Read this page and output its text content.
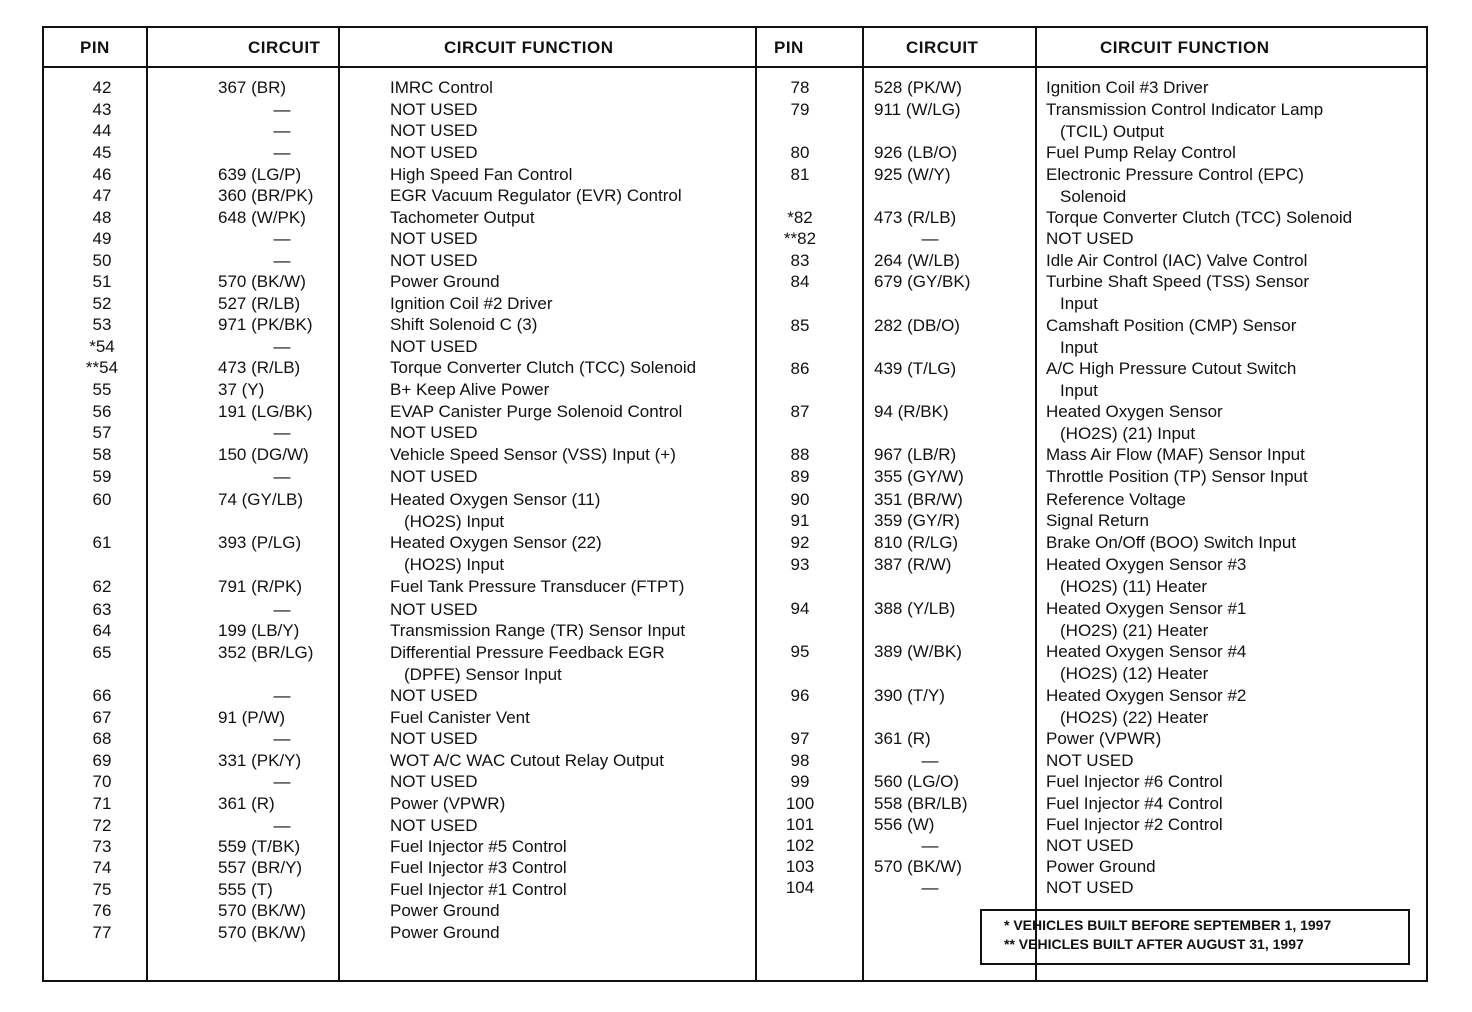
PIN	CIRCUIT	CIRCUIT FUNCTION	PIN	CIRCUIT	CIRCUIT FUNCTION
42	367 (BR)	IMRC Control
43	—	NOT USED
44	—	NOT USED
45	—	NOT USED
46	639 (LG/P)	High Speed Fan Control
47	360 (BR/PK)	EGR Vacuum Regulator (EVR) Control
48	648 (W/PK)	Tachometer Output
49	—	NOT USED
50	—	NOT USED
51	570 (BK/W)	Power Ground
52	527 (R/LB)	Ignition Coil #2 Driver
53	971 (PK/BK)	Shift Solenoid C (3)
*54	—	NOT USED
**54	473 (R/LB)	Torque Converter Clutch (TCC) Solenoid
55	37 (Y)	B+ Keep Alive Power
56	191 (LG/BK)	EVAP Canister Purge Solenoid Control
57	—	NOT USED
58	150 (DG/W)	Vehicle Speed Sensor (VSS) Input (+)
59	—	NOT USED
60	74 (GY/LB)	Heated Oxygen Sensor (11)
(HO2S) Input
61	393 (P/LG)	Heated Oxygen Sensor (22)
(HO2S) Input
62	791 (R/PK)	Fuel Tank Pressure Transducer (FTPT)
63	—	NOT USED
64	199 (LB/Y)	Transmission Range (TR) Sensor Input
65	352 (BR/LG)	Differential Pressure Feedback EGR
(DPFE) Sensor Input
66	—	NOT USED
67	91 (P/W)	Fuel Canister Vent
68	—	NOT USED
69	331 (PK/Y)	WOT A/C WAC Cutout Relay Output
70	—	NOT USED
71	361 (R)	Power (VPWR)
72	—	NOT USED
73	559 (T/BK)	Fuel Injector #5 Control
74	557 (BR/Y)	Fuel Injector #3 Control
75	555 (T)	Fuel Injector #1 Control
76	570 (BK/W)	Power Ground
77	570 (BK/W)	Power Ground
78	528 (PK/W)	Ignition Coil #3 Driver
79	911 (W/LG)	Transmission Control Indicator Lamp
(TCIL) Output
80	926 (LB/O)	Fuel Pump Relay Control
81	925 (W/Y)	Electronic Pressure Control (EPC)
Solenoid
*82	473 (R/LB)	Torque Converter Clutch (TCC) Solenoid
**82	—	NOT USED
83	264 (W/LB)	Idle Air Control (IAC) Valve Control
84	679 (GY/BK)	Turbine Shaft Speed (TSS) Sensor
Input
85	282 (DB/O)	Camshaft Position (CMP) Sensor
Input
86	439 (T/LG)	A/C High Pressure Cutout Switch
Input
87	94 (R/BK)	Heated Oxygen Sensor
(HO2S) (21) Input
88	967 (LB/R)	Mass Air Flow (MAF) Sensor Input
89	355 (GY/W)	Throttle Position (TP) Sensor Input
90	351 (BR/W)	Reference Voltage
91	359 (GY/R)	Signal Return
92	810 (R/LG)	Brake On/Off (BOO) Switch Input
93	387 (R/W)	Heated Oxygen Sensor #3
(HO2S) (11) Heater
94	388 (Y/LB)	Heated Oxygen Sensor #1
(HO2S) (21) Heater
95	389 (W/BK)	Heated Oxygen Sensor #4
(HO2S) (12) Heater
96	390 (T/Y)	Heated Oxygen Sensor #2
(HO2S) (22) Heater
97	361 (R)	Power (VPWR)
98	—	NOT USED
99	560 (LG/O)	Fuel Injector #6 Control
100	558 (BR/LB)	Fuel Injector #4 Control
101	556 (W)	Fuel Injector #2 Control
102	—	NOT USED
103	570 (BK/W)	Power Ground
104	—	NOT USED
* VEHICLES BUILT BEFORE SEPTEMBER 1, 1997
** VEHICLES BUILT AFTER AUGUST 31, 1997
